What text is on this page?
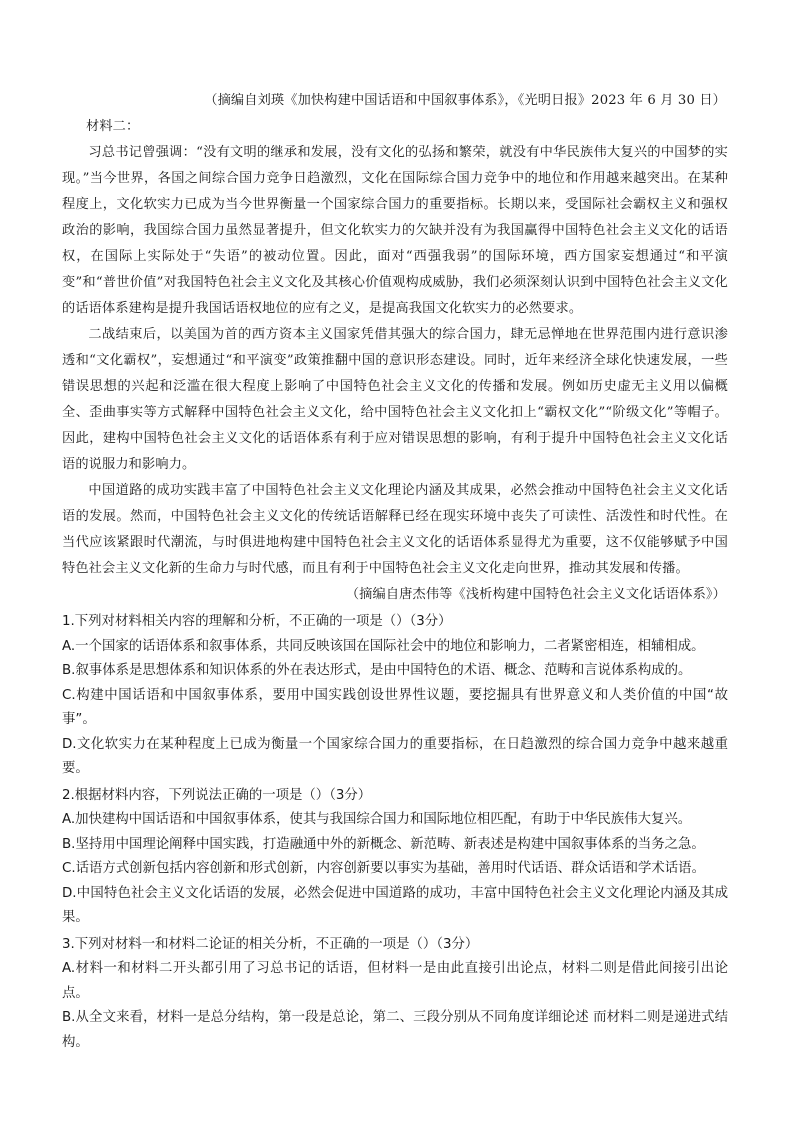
（摘编自刘瑛《加快构建中国话语和中国叙事体系》，《光明日报》2023 年 6 月 30 日）

材料二：

习总书记曾强调：“没有文明的继承和发展，没有文化的弘扬和繁荣，就没有中华民族伟大复兴的中国梦的实现。”当今世界，各国之间综合国力竞争日趋激烈，文化在国际综合国力竞争中的地位和作用越来越突出。在某种程度上，文化软实力已成为当今世界衡量一个国家综合国力的重要指标。长期以来，受国际社会霸权主义和强权政治的影响，我国综合国力虽然显著提升，但文化软实力的欠缺并没有为我国赢得中国特色社会主义文化的话语权，在国际上实际处于“失语”的被动位置。因此，面对“西强我弱”的国际环境，西方国家妄想通过“和平演变”和“普世价值”对我国特色社会主义文化及其核心价值观构成威胁，我们必须深刻认识到中国特色社会主义文化的话语体系建构是提升我国话语权地位的应有之义，是提高我国文化软实力的必然要求。

二战结束后，以美国为首的西方资本主义国家凭借其强大的综合国力，肆无忌惮地在世界范围内进行意识渗透和“文化霸权”，妄想通过“和平演变”政策推翻中国的意识形态建设。同时，近年来经济全球化快速发展，一些错误思想的兴起和泛滥在很大程度上影响了中国特色社会主义文化的传播和发展。例如历史虚无主义用以偏概全、歪曲事实等方式解释中国特色社会主义文化，给中国特色社会主义文化扣上“霸权文化”“阶级文化”等帽子。因此，建构中国特色社会主义文化的话语体系有利于应对错误思想的影响，有利于提升中国特色社会主义文化话语的说服力和影响力。

中国道路的成功实践丰富了中国特色社会主义文化理论内涵及其成果，必然会推动中国特色社会主义文化话语的发展。然而，中国特色社会主义文化的传统话语解释已经在现实环境中丧失了可读性、活泼性和时代性。在当代应该紧跟时代潮流，与时俱进地构建中国特色社会主义文化的话语体系显得尤为重要，这不仅能够赋予中国特色社会主义文化新的生命力与时代感，而且有利于中国特色社会主义文化走向世界，推动其发展和传播。

（摘编自唐杰伟等《浅析构建中国特色社会主义文化话语体系》）

1.下列对材料相关内容的理解和分析，不正确的一项是（）（3分）

A.一个国家的话语体系和叙事体系，共同反映该国在国际社会中的地位和影响力，二者紧密相连，相辅相成。

B.叙事体系是思想体系和知识体系的外在表达形式，是由中国特色的术语、概念、范畴和言说体系构成的。

C.构建中国话语和中国叙事体系，要用中国实践创设世界性议题，要挖掘具有世界意义和人类价值的中国“故事”。

D.文化软实力在某种程度上已成为衡量一个国家综合国力的重要指标，在日趋激烈的综合国力竞争中越来越重要。

2.根据材料内容，下列说法正确的一项是（）（3分）

A.加快建构中国话语和中国叙事体系，使其与我国综合国力和国际地位相匹配，有助于中华民族伟大复兴。

B.坚持用中国理论阐释中国实践，打造融通中外的新概念、新范畴、新表述是构建中国叙事体系的当务之急。

C.话语方式创新包括内容创新和形式创新，内容创新要以事实为基础，善用时代话语、群众话语和学术话语。

D.中国特色社会主义文化话语的发展，必然会促进中国道路的成功，丰富中国特色社会主义文化理论内涵及其成果。

3.下列对材料一和材料二论证的相关分析，不正确的一项是（）（3分）

A.材料一和材料二开头都引用了习总书记的话语，但材料一是由此直接引出论点，材料二则是借此间接引出论点。

B.从全文来看，材料一是总分结构，第一段是总论，第二、三段分别从不同角度详细论述 而材料二则是递进式结构。
